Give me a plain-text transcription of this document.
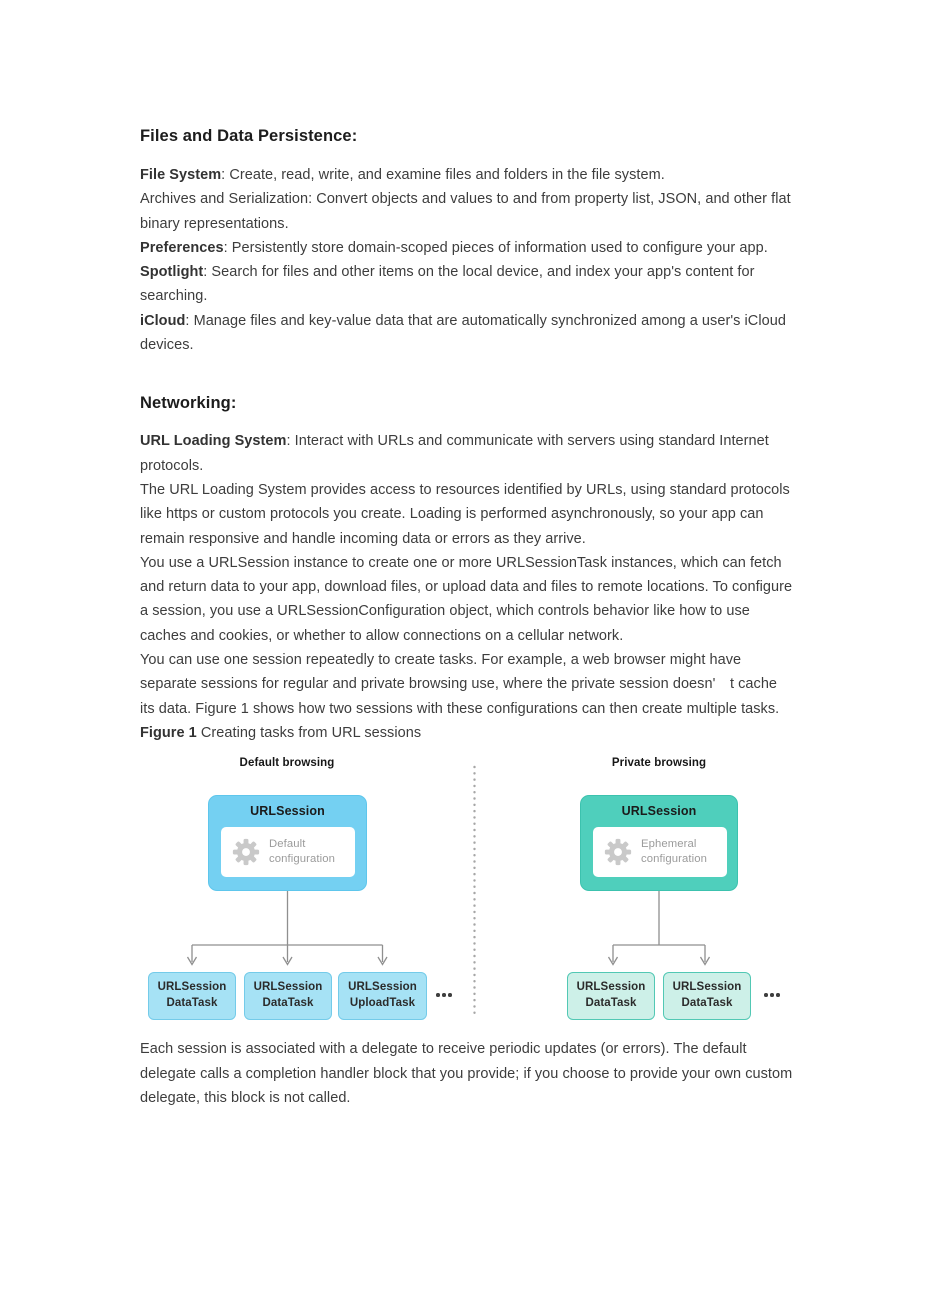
Files and Data Persistence:

File System: Create, read, write, and examine files and folders in the file system.

Archives and Serialization: Convert objects and values to and from property list, JSON, and other flat binary representations.

Preferences: Persistently store domain-scoped pieces of information used to configure your app.

Spotlight: Search for files and other items on the local device, and index your app's content for searching.

iCloud: Manage files and key-value data that are automatically synchronized among a user's iCloud devices.

Networking:

URL Loading System: Interact with URLs and communicate with servers using standard Internet protocols.

The URL Loading System provides access to resources identified by URLs, using standard protocols like https or custom protocols you create. Loading is performed asynchronously, so your app can remain responsive and handle incoming data or errors as they arrive.

You use a URLSession instance to create one or more URLSessionTask instances, which can fetch and return data to your app, download files, or upload data and files to remote locations. To configure a session, you use a URLSessionConfiguration object, which controls behavior like how to use caches and cookies, or whether to allow connections on a cellular network.

You can use one session repeatedly to create tasks. For example, a web browser might have separate sessions for regular and private browsing use, where the private session doesn'　t cache its data. Figure 1 shows how two sessions with these configurations can then create multiple tasks.

Figure 1 Creating tasks from URL sessions

Default browsing	Private browsing
URLSession
Default
configuration
URLSession
Ephemeral
configuration
URLSession
DataTask
URLSession
DataTask
URLSession
UploadTask
URLSession
DataTask
URLSession
DataTask

Each session is associated with a delegate to receive periodic updates (or errors). The default delegate calls a completion handler block that you provide; if you choose to provide your own custom delegate, this block is not called.
